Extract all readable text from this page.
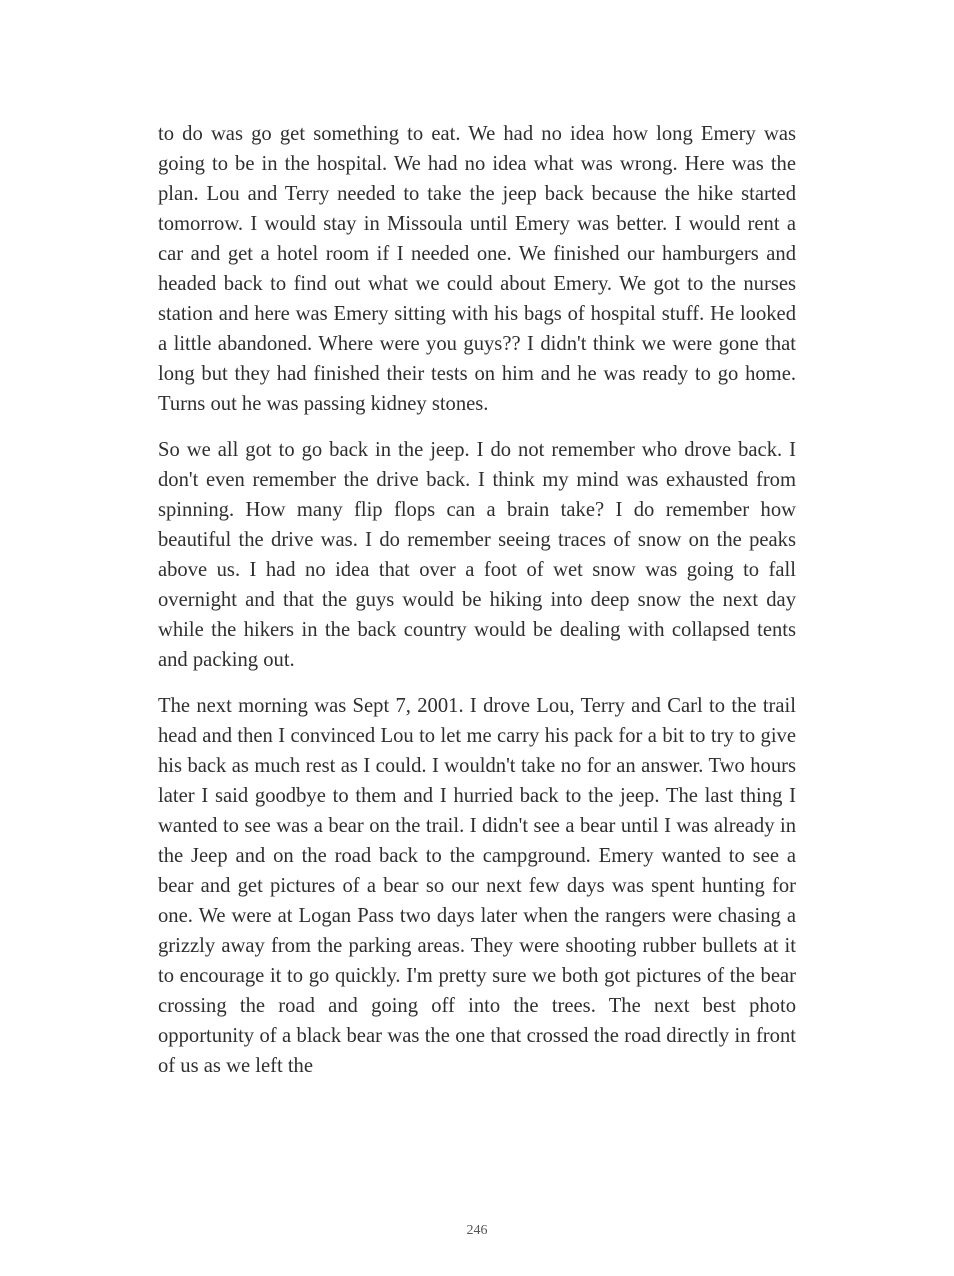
to do was go get something to eat. We had no idea how long Emery was going to be in the hospital. We had no idea what was wrong. Here was the plan. Lou and Terry needed to take the jeep back because the hike started tomorrow. I would stay in Missoula until Emery was better. I would rent a car and get a hotel room if I needed one. We finished our hamburgers and headed back to find out what we could about Emery. We got to the nurses station and here was Emery sitting with his bags of hospital stuff. He looked a little abandoned. Where were you guys?? I didn't think we were gone that long but they had finished their tests on him and he was ready to go home. Turns out he was passing kidney stones.

So we all got to go back in the jeep. I do not remember who drove back. I don't even remember the drive back. I think my mind was exhausted from spinning. How many flip flops can a brain take? I do remember how beautiful the drive was. I do remember seeing traces of snow on the peaks above us. I had no idea that over a foot of wet snow was going to fall overnight and that the guys would be hiking into deep snow the next day while the hikers in the back country would be dealing with collapsed tents and packing out.

The next morning was Sept 7, 2001. I drove Lou, Terry and Carl to the trail head and then I convinced Lou to let me carry his pack for a bit to try to give his back as much rest as I could. I wouldn't take no for an answer. Two hours later I said goodbye to them and I hurried back to the jeep. The last thing I wanted to see was a bear on the trail. I didn't see a bear until I was already in the Jeep and on the road back to the campground. Emery wanted to see a bear and get pictures of a bear so our next few days was spent hunting for one. We were at Logan Pass two days later when the rangers were chasing a grizzly away from the parking areas. They were shooting rubber bullets at it to encourage it to go quickly. I'm pretty sure we both got pictures of the bear crossing the road and going off into the trees. The next best photo opportunity of a black bear was the one that crossed the road directly in front of us as we left the

246
